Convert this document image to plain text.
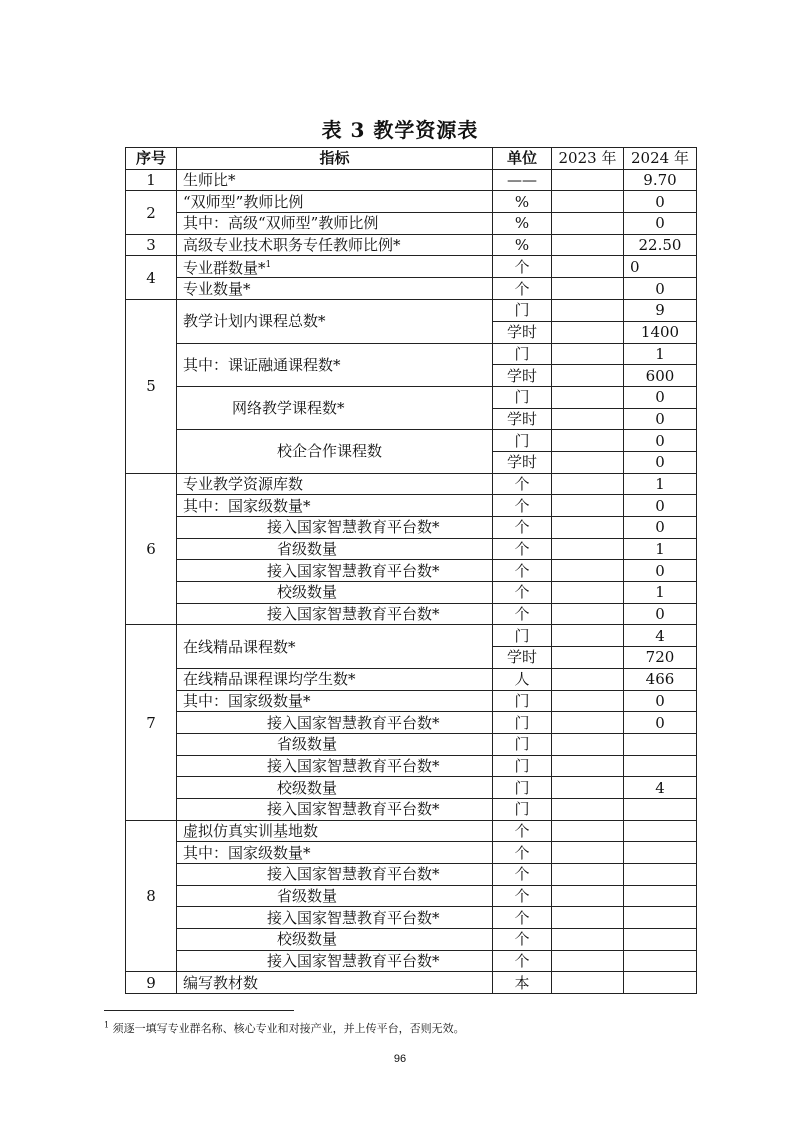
表 3 教学资源表
序号	指标	单位	2023 年	2024 年
1	生师比*	——		9.70
2	“双师型”教师比例	%		0
	其中：高级“双师型”教师比例	%		0
3	高级专业技术职务专任教师比例*	%		22.50
4	专业群数量*$^1$	个		0
	专业数量*	个		0
5	教学计划内课程总数*	门		9
		学时		1400
	其中：课证融通课程数*	门		1
		学时		600
	网络教学课程数*	门		0
		学时		0
	校企合作课程数	门		0
		学时		0
6	专业教学资源库数	个		1
	其中：国家级数量*	个		0
	接入国家智慧教育平台数*	个		0
	省级数量	个		1
	接入国家智慧教育平台数*	个		0
	校级数量	个		1
	接入国家智慧教育平台数*	个		0
7	在线精品课程数*	门		4
		学时		720
	在线精品课程课均学生数*	人		466
	其中：国家级数量*	门		0
	接入国家智慧教育平台数*	门		0
	省级数量	门		
	接入国家智慧教育平台数*	门		
	校级数量	门		4
	接入国家智慧教育平台数*	门		
8	虚拟仿真实训基地数	个		
	其中：国家级数量*	个		
	接入国家智慧教育平台数*	个		
	省级数量	个		
	接入国家智慧教育平台数*	个		
	校级数量	个		
	接入国家智慧教育平台数*	个		
9	编写教材数	本		
$^1$ 须逐一填写专业群名称、核心专业和对接产业，并上传平台，否则无效。
96
